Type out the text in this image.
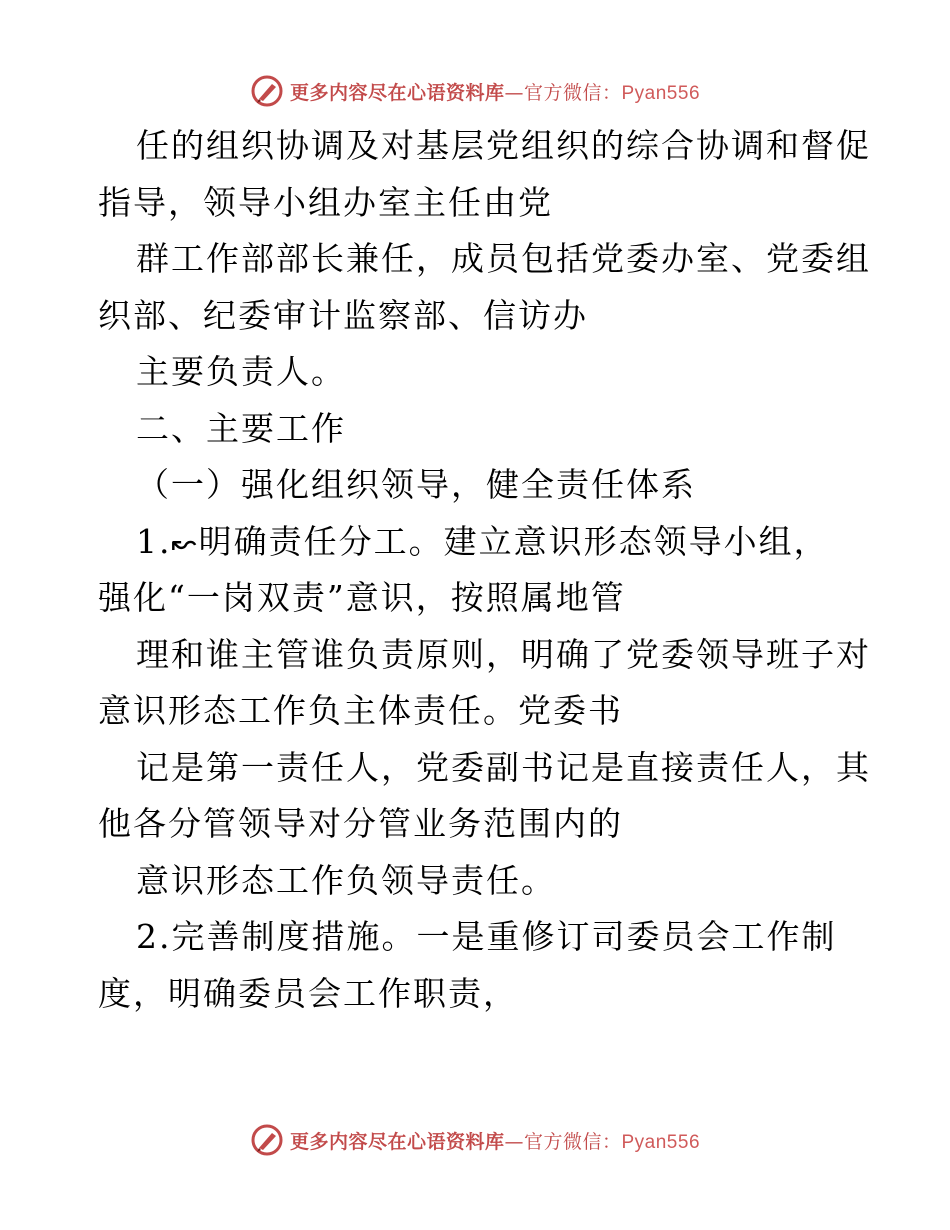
更多内容尽在心语资料库—官方微信：Pyan556
任的组织协调及对基层党组织的综合协调和督促
指导，领导小组办室主任由党
群工作部部长兼任，成员包括党委办室、党委组
织部、纪委审计监察部、信访办
主要负责人。
二、主要工作
（一）强化组织领导，健全责任体系
1.↜明确责任分工。建立意识形态领导小组，
强化“一岗双责”意识，按照属地管
理和谁主管谁负责原则，明确了党委领导班子对
意识形态工作负主体责任。党委书
记是第一责任人，党委副书记是直接责任人，其
他各分管领导对分管业务范围内的
意识形态工作负领导责任。
2.完善制度措施。一是重修订司委员会工作制
度，明确委员会工作职责，
更多内容尽在心语资料库—官方微信：Pyan556
